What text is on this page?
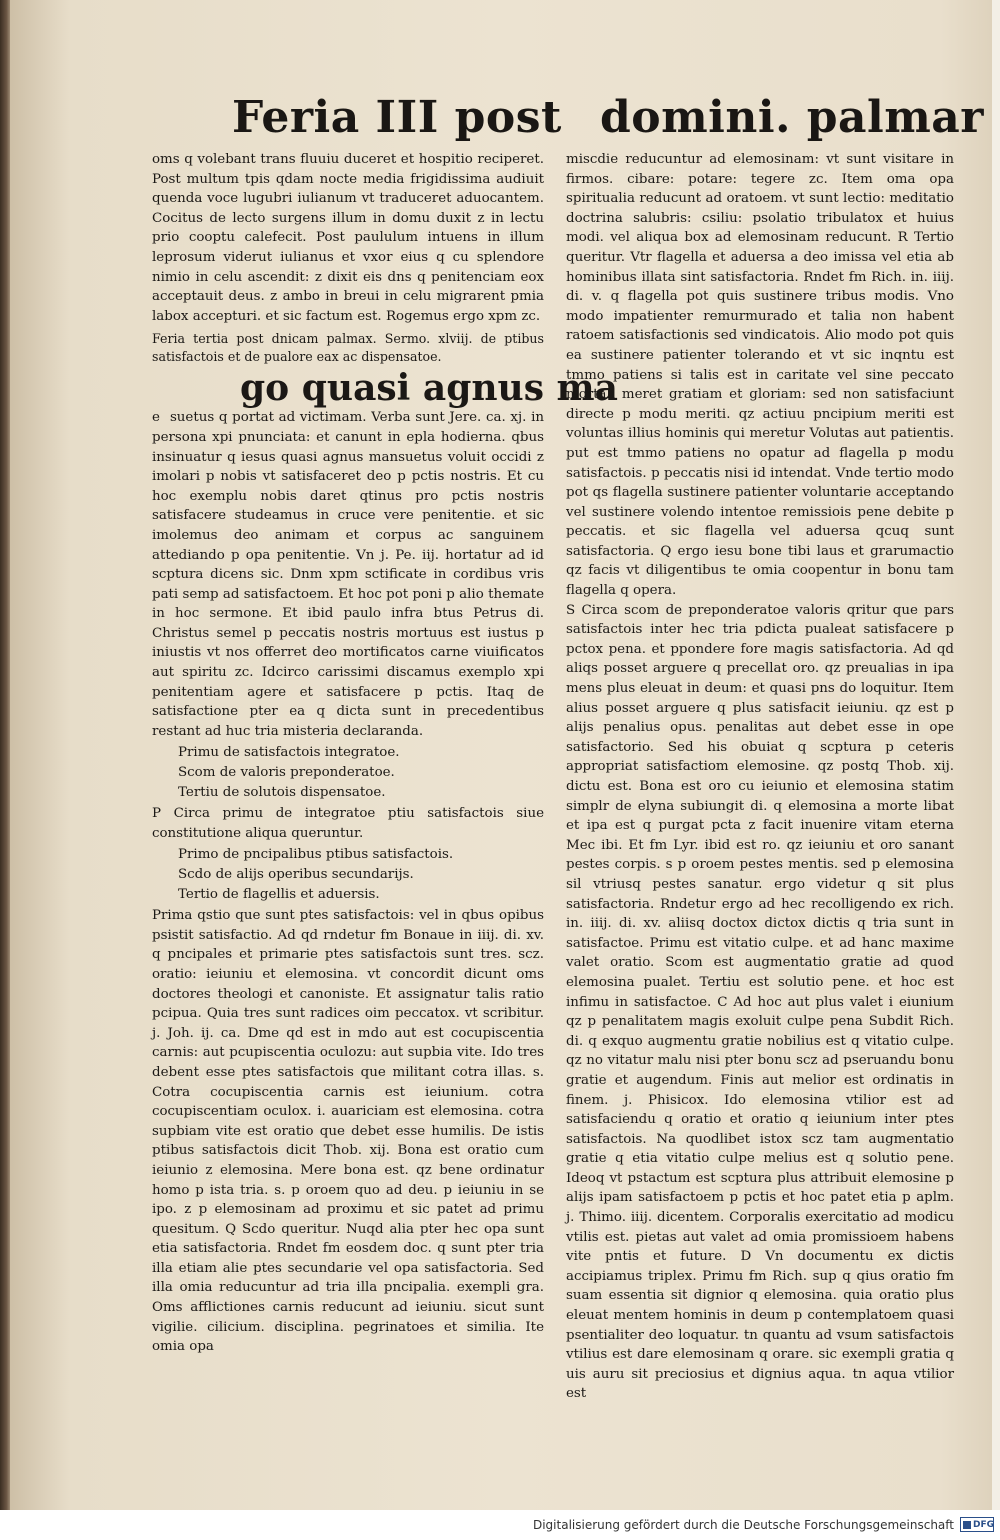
Feria III post domini. palmar

oms q volebant trans fluuiu duceret et hospitio reciperet. Post multum tpis qdam nocte media frigidissima audiuit quenda voce lugubri iulianum vt traduceret aduocantem. Cocitus de lecto surgens illum in domu duxit z in lectu prio cooptu calefecit. Post paululum intuens in illum leprosum viderut iulianus et vxor eius q cu splendore nimio in celu ascendit: z dixit eis dns q penitenciam eox acceptauit deus. z ambo in breui in celu migrarent pmia labox accepturi. et sic factum est. Rogemus ergo xpm zc.

Feria tertia post dnicam palmax. Sermo. xlviij. de ptibus satisfactois et de pualore eax ac dispensatoe.

go quasi agnus ma

e suetus q portat ad victimam. Verba sunt Jere. ca. xj. in persona xpi pnunciata: et canunt in epla hodierna. qbus insinuatur q iesus quasi agnus mansuetus voluit occidi z imolari p nobis vt satisfaceret deo p pctis nostris. Et cu hoc exemplu nobis daret qtinus pro pctis nostris satisfacere studeamus in cruce vere penitentie. et sic imolemus deo animam et corpus ac sanguinem attediando p opa penitentie. Vn j. Pe. iij. hortatur ad id scptura dicens sic. Dnm xpm sctificate in cordibus vris pati semp ad satisfactoem. Et hoc pot poni p alio themate in hoc sermone. Et ibid paulo infra btus Petrus di. Christus semel p peccatis nostris mortuus est iustus p iniustis vt nos offerret deo mortificatos carne viuificatos aut spiritu zc. Idcirco carissimi discamus exemplo xpi penitentiam agere et satisfacere p pctis. Itaq de satisfactione pter ea q dicta sunt in precedentibus restant ad huc tria misteria declaranda.

Primu de satisfactois integratoe.
Scom de valoris preponderatoe.
Tertiu de solutois dispensatoe.

P Circa primu de integratoe ptiu satisfactois siue constitutione aliqua queruntur.

Primo de pncipalibus ptibus satisfactois.
Scdo de alijs operibus secundarijs.
Tertio de flagellis et aduersis.

Prima qstio que sunt ptes satisfactois: vel in qbus opibus psistit satisfactio. Ad qd rndetur fm Bonaue in iiij. di. xv. q pncipales et primarie ptes satisfactois sunt tres. scz. oratio: ieiuniu et elemosina. vt concordit dicunt oms doctores theologi et canoniste. Et assignatur talis ratio pcipua. Quia tres sunt radices oim peccatox. vt scribitur. j. Joh. ij. ca. Dme qd est in mdo aut est cocupiscentia carnis: aut pcupiscentia oculozu: aut supbia vite. Ido tres debent esse ptes satisfactois que militant cotra illas. s. Cotra cocupiscentia carnis est ieiunium. cotra cocupiscentiam oculox. i. auariciam est elemosina. cotra supbiam vite est oratio que debet esse humilis. De istis ptibus satisfactois dicit Thob. xij. Bona est oratio cum ieiunio z elemosina. Mere bona est. qz bene ordinatur homo p ista tria. s. p oroem quo ad deu. p ieiuniu in se ipo. z p elemosinam ad proximu et sic patet ad primu quesitum. Q Scdo queritur. Nuqd alia pter hec opa sunt etia satisfactoria. Rndet fm eosdem doc. q sunt pter tria illa etiam alie ptes secundarie vel opa satisfactoria. Sed illa omia reducuntur ad tria illa pncipalia. exempli gra. Oms afflictiones carnis reducunt ad ieiuniu. sicut sunt vigilie. cilicium. disciplina. pegrinatoes et similia. Ite omia opa

miscdie reducuntur ad elemosinam: vt sunt visitare in firmos. cibare: potare: tegere zc. Item oma opa spiritualia reducunt ad oratoem. vt sunt lectio: meditatio doctrina salubris: csiliu: psolatio tribulatox et huius modi. vel aliqua box ad elemosinam reducunt. R Tertio queritur. Vtr flagella et aduersa a deo imissa vel etia ab hominibus illata sint satisfactoria. Rndet fm Rich. in. iiij. di. v. q flagella pot quis sustinere tribus modis. Vno modo impatienter remurmurado et talia non habent ratoem satisfactionis sed vindicatois. Alio modo pot quis ea sustinere patienter tolerando et vt sic inqntu est tmmo patiens si talis est in caritate vel sine peccato mortali meret gratiam et gloriam: sed non satisfaciunt directe p modu meriti. qz actiuu pncipium meriti est voluntas illius hominis qui meretur Volutas aut patientis. put est tmmo patiens no opatur ad flagella p modu satisfactois. p peccatis nisi id intendat. Vnde tertio modo pot qs flagella sustinere patienter voluntarie acceptando vel sustinere volendo intentoe remissiois pene debite p peccatis. et sic flagella vel aduersa qcuq sunt satisfactoria. Q ergo iesu bone tibi laus et grarumactio qz facis vt diligentibus te omia coopentur in bonu tam flagella q opera.

S Circa scom de preponderatoe valoris qritur que pars satisfactois inter hec tria pdicta pualeat satisfacere p pctox pena. et ppondere fore magis satisfactoria. Ad qd aliqs posset arguere q precellat oro. qz preualias in ipa mens plus eleuat in deum: et quasi pns do loquitur. Item alius posset arguere q plus satisfacit ieiuniu. qz est p alijs penalius opus. penalitas aut debet esse in ope satisfactorio. Sed his obuiat q scptura p ceteris appropriat satisfactiom elemosine. qz postq Thob. xij. dictu est. Bona est oro cu ieiunio et elemosina statim simplr de elyna subiungit di. q elemosina a morte libat et ipa est q purgat pcta z facit inuenire vitam eterna Mec ibi. Et fm Lyr. ibid est ro. qz ieiuniu et oro sanant pestes corpis. s p oroem pestes mentis. sed p elemosina sil vtriusq pestes sanatur. ergo videtur q sit plus satisfactoria. Rndetur ergo ad hec recolligendo ex rich. in. iiij. di. xv. aliisq doctox dictox dictis q tria sunt in satisfactoe. Primu est vitatio culpe. et ad hanc maxime valet oratio. Scom est augmentatio gratie ad quod elemosina pualet. Tertiu est solutio pene. et hoc est infimu in satisfactoe. C Ad hoc aut plus valet i eiunium qz p penalitatem magis exoluit culpe pena Subdit Rich. di. q exquo augmentu gratie nobilius est q vitatio culpe. qz no vitatur malu nisi pter bonu scz ad pseruandu bonu gratie et augendum. Finis aut melior est ordinatis in finem. j. Phisicox. Ido elemosina vtilior est ad satisfaciendu q oratio et oratio q ieiunium inter ptes satisfactois. Na quodlibet istox scz tam augmentatio gratie q etia vitatio culpe melius est q solutio pene. Ideoq vt pstactum est scptura plus attribuit elemosine p alijs ipam satisfactoem p pctis et hoc patet etia p aplm. j. Thimo. iiij. dicentem. Corporalis exercitatio ad modicu vtilis est. pietas aut valet ad omia promissioem habens vite pntis et future. D Vn documentu ex dictis accipiamus triplex. Primu fm Rich. sup q qius oratio fm suam essentia sit dignior q elemosina. quia oratio plus eleuat mentem hominis in deum p contemplatoem quasi psentialiter deo loquatur. tn quantu ad vsum satisfactois vtilius est dare elemosinam q orare. sic exempli gratia q uis auru sit preciosius et dignius aqua. tn aqua vtilior est

Digitalisierung gefördert durch die Deutsche Forschungsgemeinschaft	DFG
